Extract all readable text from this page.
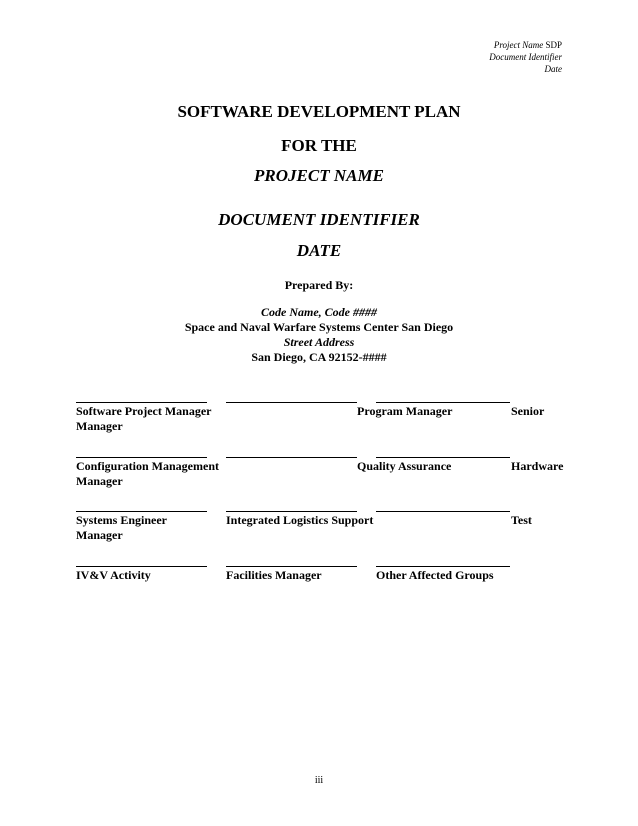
Project Name SDP
Document Identifier
Date
SOFTWARE DEVELOPMENT PLAN
FOR THE
PROJECT NAME
DOCUMENT IDENTIFIER
DATE
Prepared By:
Code Name, Code ####
Space and Naval Warfare Systems Center San Diego
Street Address
San Diego, CA 92152-####
Software Project Manager	Program Manager	Senior
Manager
Configuration Management	Quality Assurance	Hardware
Manager
Systems Engineer	Integrated Logistics Support	Test
Manager
IV&V Activity	Facilities Manager	Other Affected Groups
iii
